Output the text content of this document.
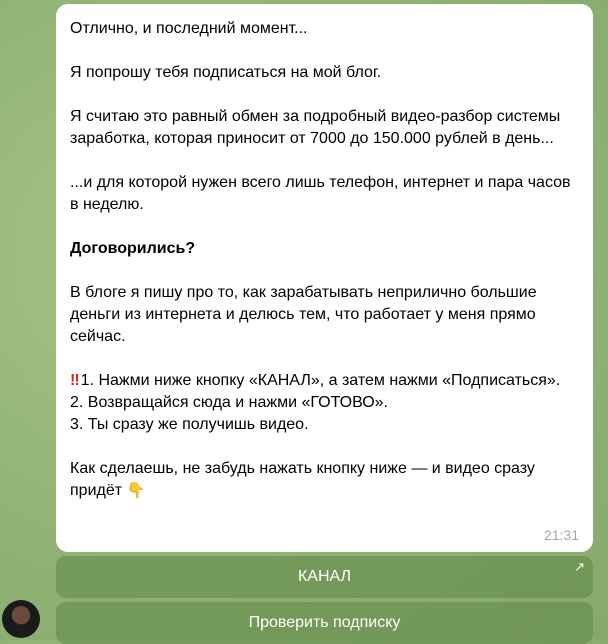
Отлично, и последний момент...

Я попрошу тебя подписаться на мой блог.

Я считаю это равный обмен за подробный видео-разбор системы заработка, которая приносит от 7000 до 150.000 рублей в день...

...и для которой нужен всего лишь телефон, интернет и пара часов в неделю.

Договорились?

В блоге я пишу про то, как зарабатывать неприлично большие деньги из интернета и делюсь тем, что работает у меня прямо сейчас.

‼ 1. Нажми ниже кнопку «КАНАЛ», а затем нажми «Подписаться».
2. Возвращайся сюда и нажми «ГОТОВО».
3. Ты сразу же получишь видео.

Как сделаешь, не забудь нажать кнопку ниже — и видео сразу придёт 👇

21:31
КАНАЛ
↗
Проверить подписку
